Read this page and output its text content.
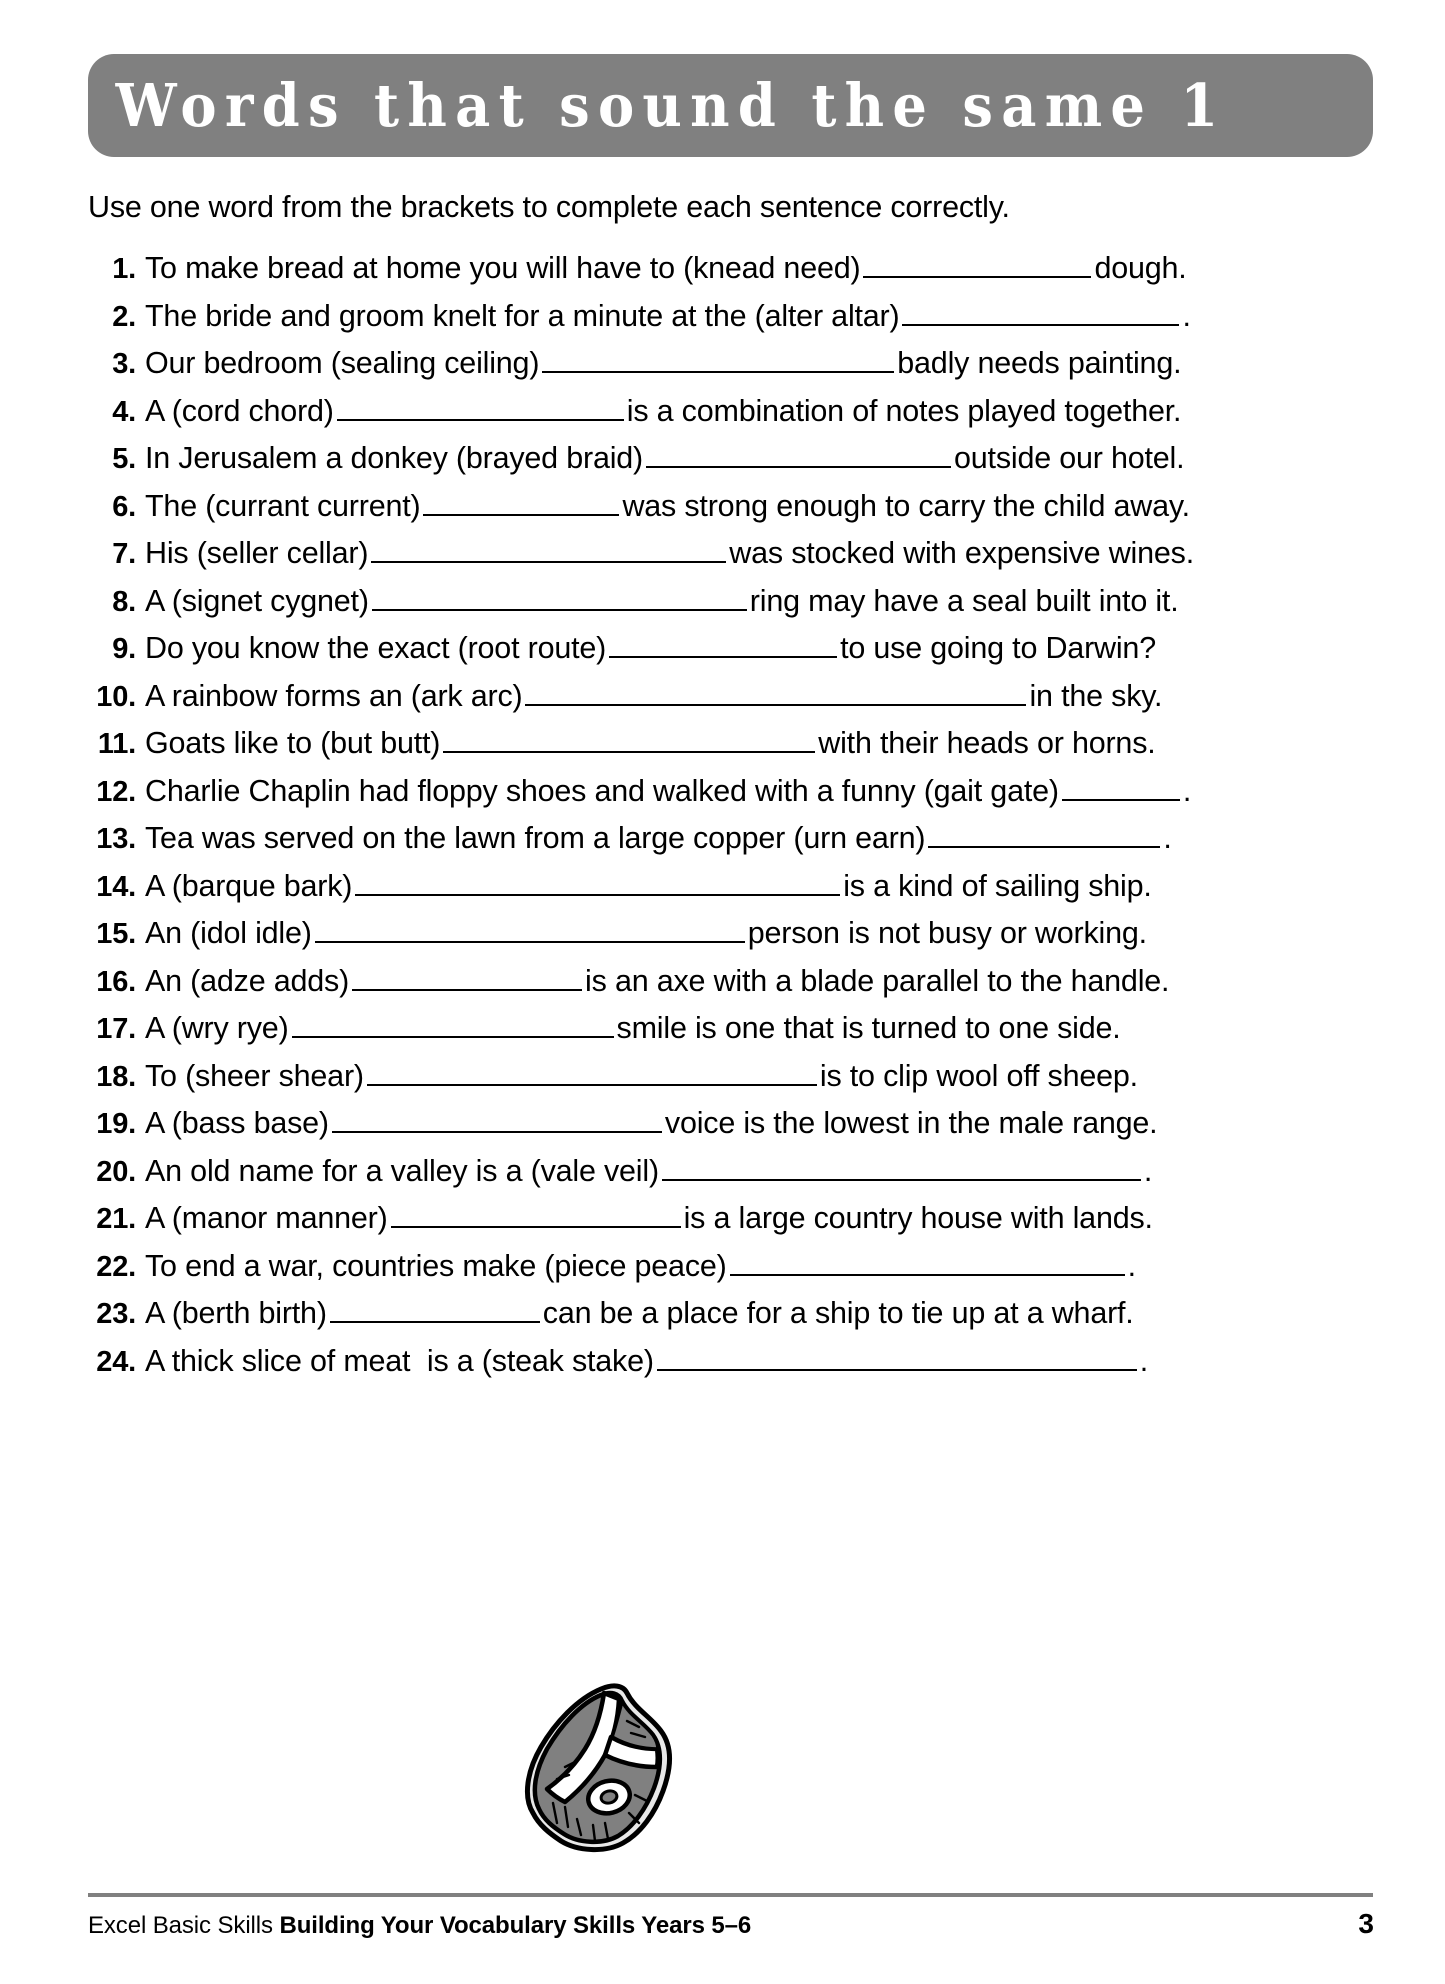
Words that sound the same 1
Use one word from the brackets to complete each sentence correctly.
1. To make bread at home you will have to (knead need)	dough.
2. The bride and groom knelt for a minute at the (alter altar)	.
3. Our bedroom (sealing ceiling)	badly needs painting.
4. A (cord chord)	is a combination of notes played together.
5. In Jerusalem a donkey (brayed braid)	outside our hotel.
6. The (currant current)	was strong enough to carry the child away.
7. His (seller cellar)	was stocked with expensive wines.
8. A (signet cygnet)	ring may have a seal built into it.
9. Do you know the exact (root route)	to use going to Darwin?
10. A rainbow forms an (ark arc)	in the sky.
11. Goats like to (but butt)	with their heads or horns.
12. Charlie Chaplin had floppy shoes and walked with a funny (gait gate)	.
13. Tea was served on the lawn from a large copper (urn earn)	.
14. A (barque bark)	is a kind of sailing ship.
15. An (idol idle)	person is not busy or working.
16. An (adze adds)	is an axe with a blade parallel to the handle.
17. A (wry rye)	smile is one that is turned to one side.
18. To (sheer shear)	is to clip wool off sheep.
19. A (bass base)	voice is the lowest in the male range.
20. An old name for a valley is a (vale veil)	.
21. A (manor manner)	is a large country house with lands.
22. To end a war, countries make (piece peace)	.
23. A (berth birth)	can be a place for a ship to tie up at a wharf.
24. A thick slice of meat  is a (steak stake)	.
Excel Basic Skills Building Your Vocabulary Skills Years 5–6	3
